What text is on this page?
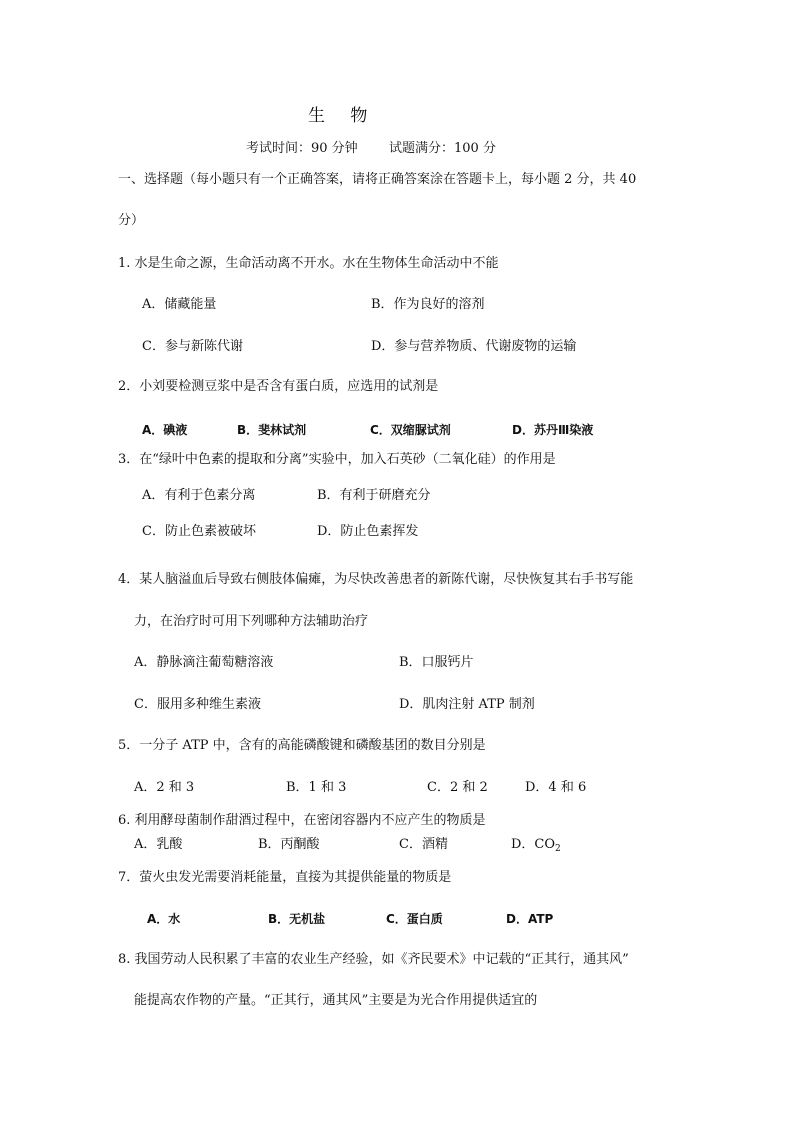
生 物
考试时间：90 分钟 试题满分：100 分
一、选择题（每小题只有一个正确答案，请将正确答案涂在答题卡上，每小题 2 分，共 40
分）
1. 水是生命之源，生命活动离不开水。水在生物体生命活动中不能
A．储藏能量	B．作为良好的溶剂
C．参与新陈代谢	D．参与营养物质、代谢废物的运输
2．小刘要检测豆浆中是否含有蛋白质，应选用的试剂是
A．碘液	B．斐林试剂	C．双缩脲试剂	D．苏丹Ⅲ染液
3．在“绿叶中色素的提取和分离”实验中，加入石英砂（二氧化硅）的作用是
A．有利于色素分离	B．有利于研磨充分
C．防止色素被破坏	D．防止色素挥发
4．某人脑溢血后导致右侧肢体偏瘫，为尽快改善患者的新陈代谢，尽快恢复其右手书写能
力，在治疗时可用下列哪种方法辅助治疗
A．静脉滴注葡萄糖溶液	B．口服钙片
C．服用多种维生素液	D．肌肉注射 ATP 制剂
5．一分子 ATP 中，含有的高能磷酸键和磷酸基团的数目分别是
A．2 和 3	B．1 和 3	C．2 和 2	D．4 和 6
6. 利用酵母菌制作甜酒过程中，在密闭容器内不应产生的物质是
A．乳酸	B．丙酮酸	C．酒精	D．$CO_2$
7．萤火虫发光需要消耗能量，直接为其提供能量的物质是
A．水	B．无机盐	C．蛋白质	D．ATP
8. 我国劳动人民积累了丰富的农业生产经验，如《齐民要术》中记载的“正其行，通其风”
能提高农作物的产量。“正其行，通其风”主要是为光合作用提供适宜的
